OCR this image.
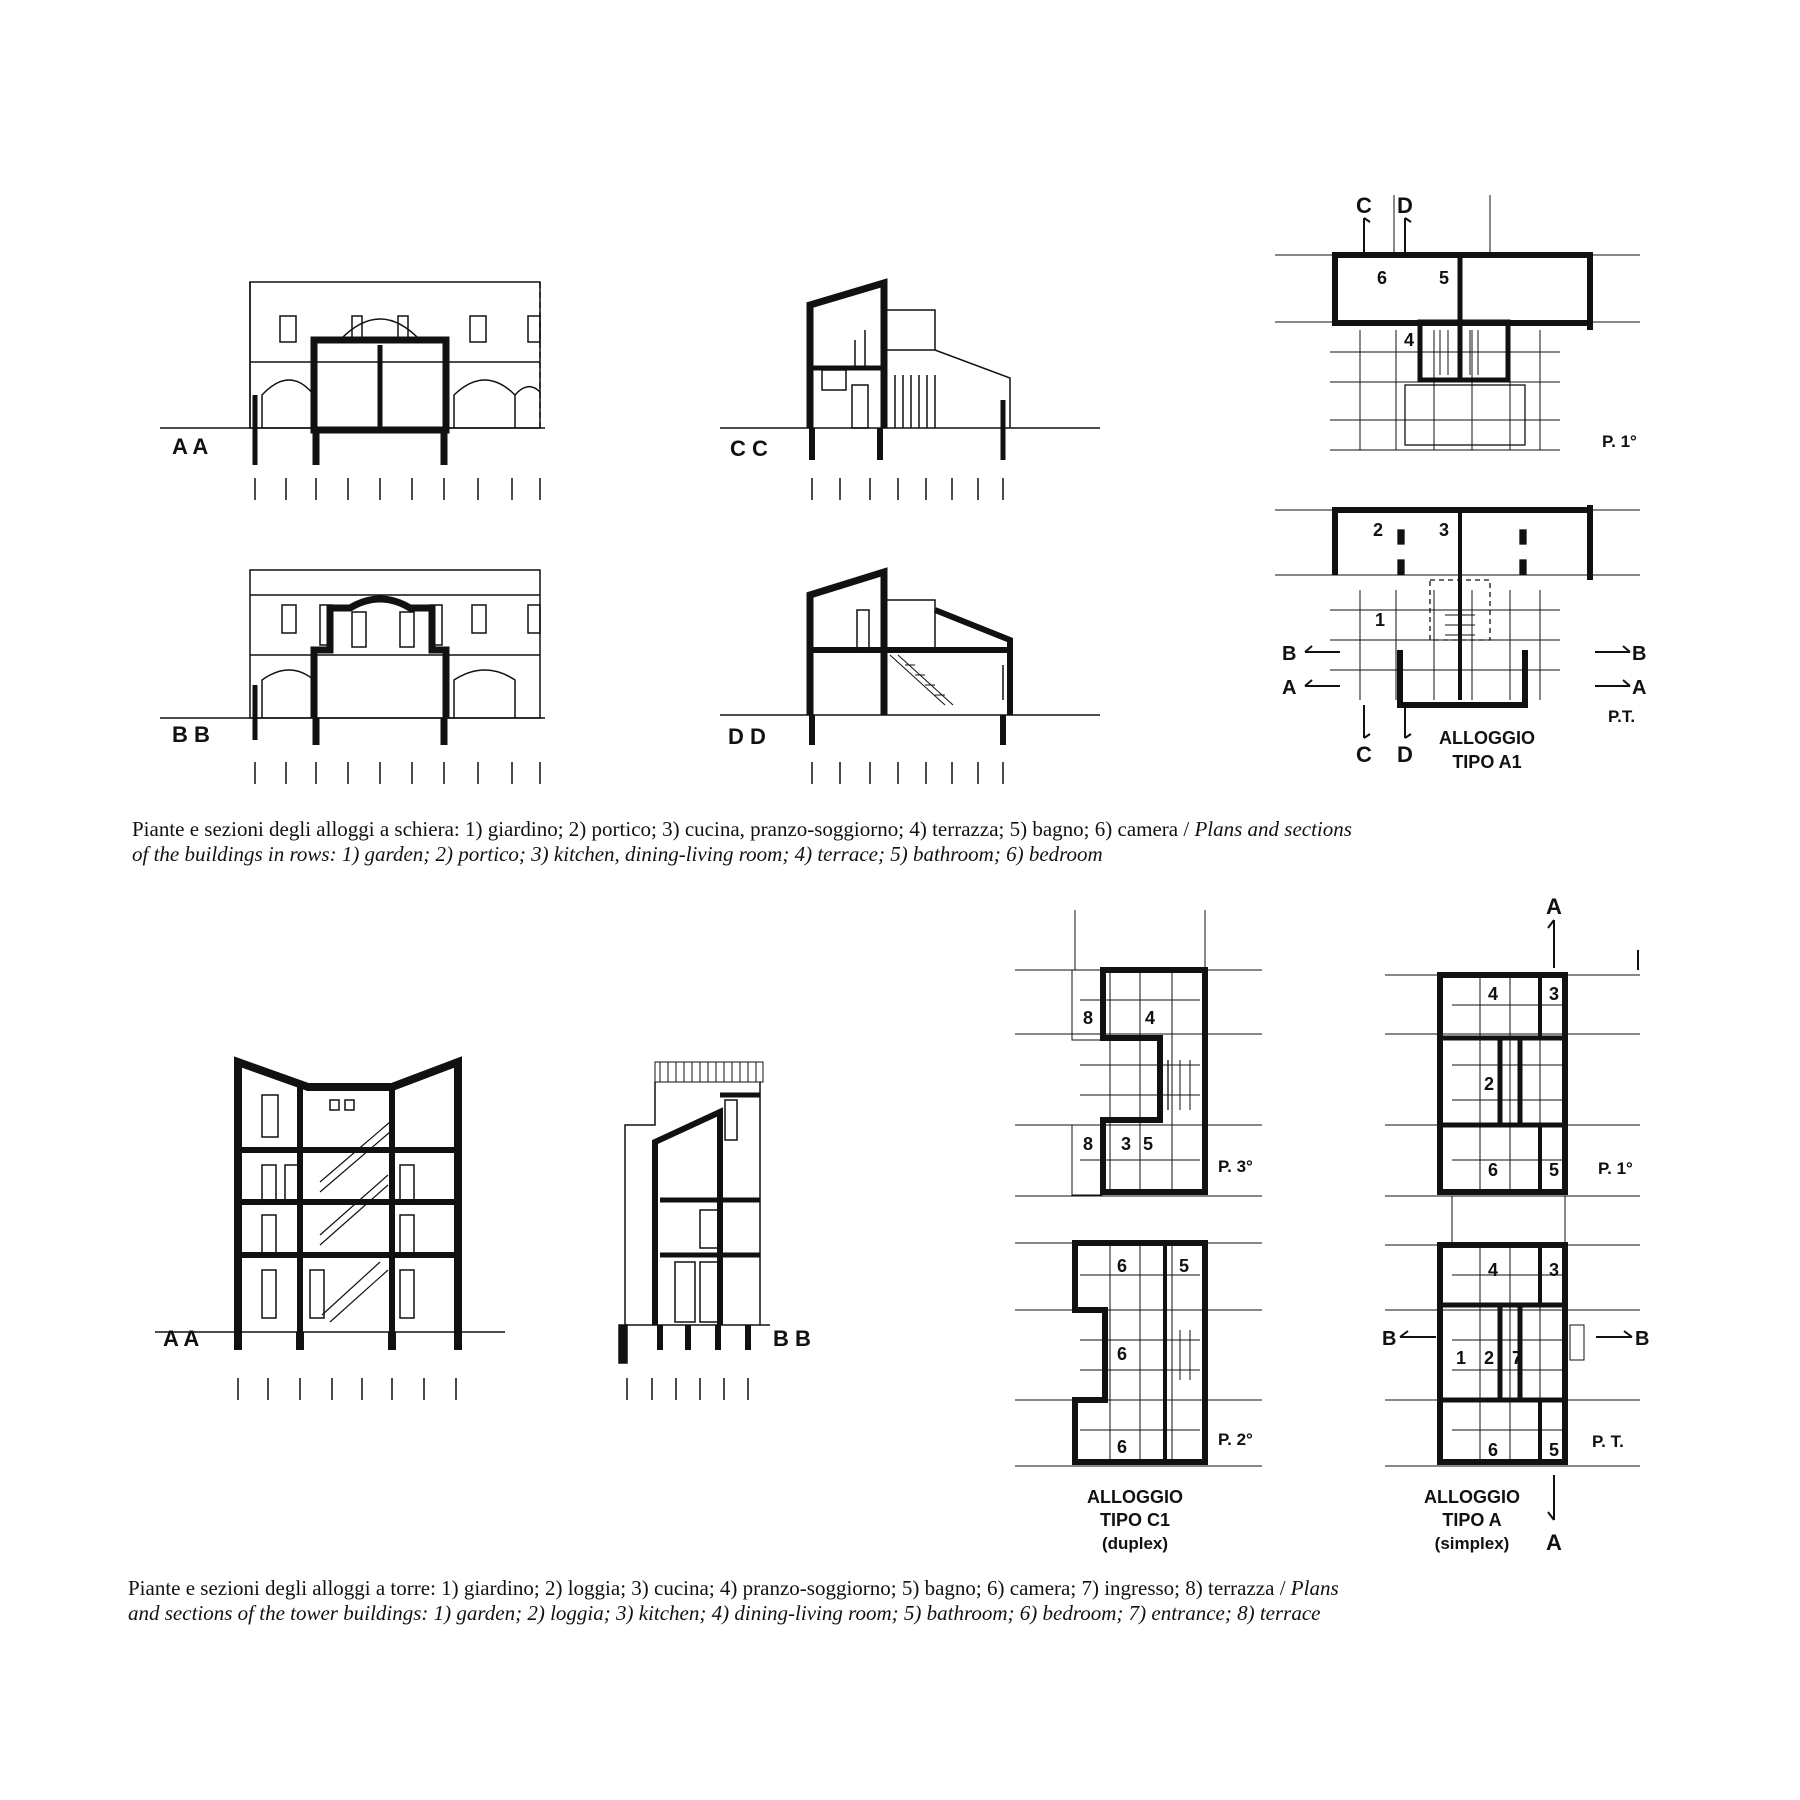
A A
B B
C C
D D
6	5
4
2	3
1
C D
C D
B
A
B
A
P. 1°
P.T.
ALLOGGIO
TIPO A1
A A	B B
8	4
8 3 5
6	5
6
6
P. 3°
P. 2°
ALLOGGIO
TIPO C1
(duplex)
4	3
2
6	5
4	3
1 2 7
6	5
A
A
B	B
P. 1°
P. T.
ALLOGGIO
TIPO A
(simplex)
Piante e sezioni degli alloggi a schiera: 1) giardino; 2) portico; 3) cucina, pranzo-soggiorno; 4) terrazza; 5) bagno; 6) camera / Plans and sections
of the buildings in rows: 1) garden; 2) portico; 3) kitchen, dining-living room; 4) terrace; 5) bathroom; 6) bedroom
Piante e sezioni degli alloggi a torre: 1) giardino; 2) loggia; 3) cucina; 4) pranzo-soggiorno; 5) bagno; 6) camera; 7) ingresso; 8) terrazza / Plans
and sections of the tower buildings: 1) garden; 2) loggia; 3) kitchen; 4) dining-living room; 5) bathroom; 6) bedroom; 7) entrance; 8) terrace
